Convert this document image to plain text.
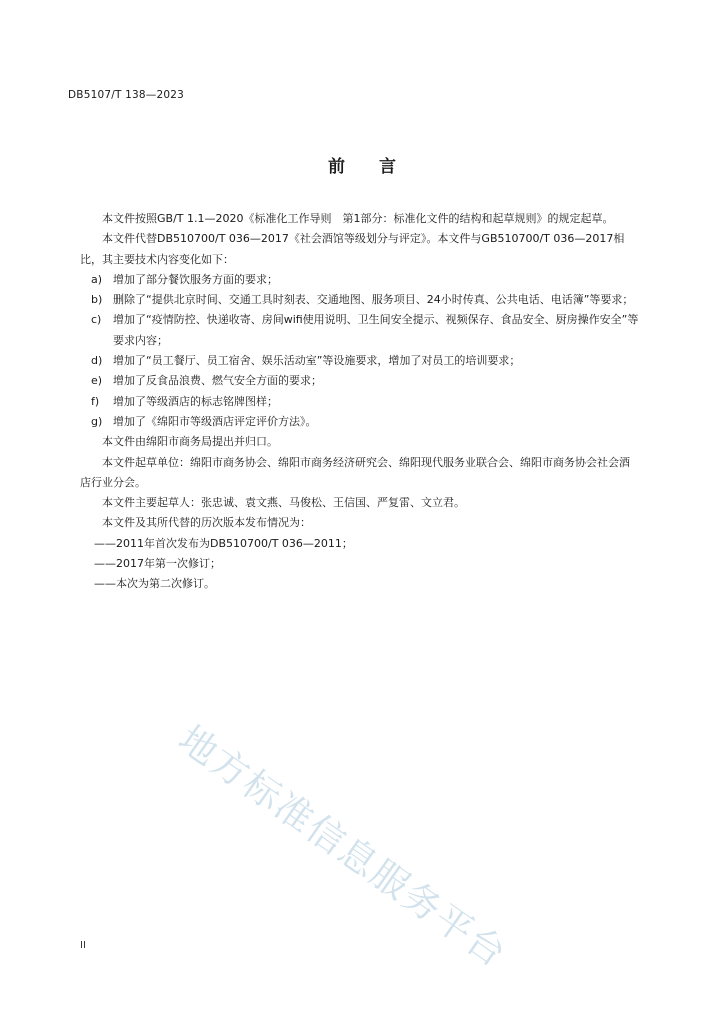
DB5107/T 138—2023
前言

本文件按照GB/T 1.1—2020《标准化工作导则　第1部分：标准化文件的结构和起草规则》的规定起草。

本文件代替DB510700/T 036—2017《社会酒馆等级划分与评定》。本文件与GB510700/T 036—2017相比，其主要技术内容变化如下：

a) 增加了部分餐饮服务方面的要求；

b) 删除了“提供北京时间、交通工具时刻表、交通地图、服务项目、24小时传真、公共电话、电话簿”等要求；

c) 增加了“疫情防控、快递收寄、房间wifi使用说明、卫生间安全提示、视频保存、食品安全、厨房操作安全”等要求内容；

d) 增加了“员工餐厅、员工宿舍、娱乐活动室”等设施要求，增加了对员工的培训要求；

e) 增加了反食品浪费、燃气安全方面的要求；

f) 增加了等级酒店的标志铭牌图样；

g) 增加了《绵阳市等级酒店评定评价方法》。

本文件由绵阳市商务局提出并归口。

本文件起草单位：绵阳市商务协会、绵阳市商务经济研究会、绵阳现代服务业联合会、绵阳市商务协会社会酒店行业分会。

本文件主要起草人：张忠诚、袁文燕、马俊松、王信国、严复雷、文立君。

本文件及其所代替的历次版本发布情况为：

——2011年首次发布为DB510700/T 036—2011；

——2017年第一次修订；

——本次为第二次修订。

地方标准信息服务平台
II
